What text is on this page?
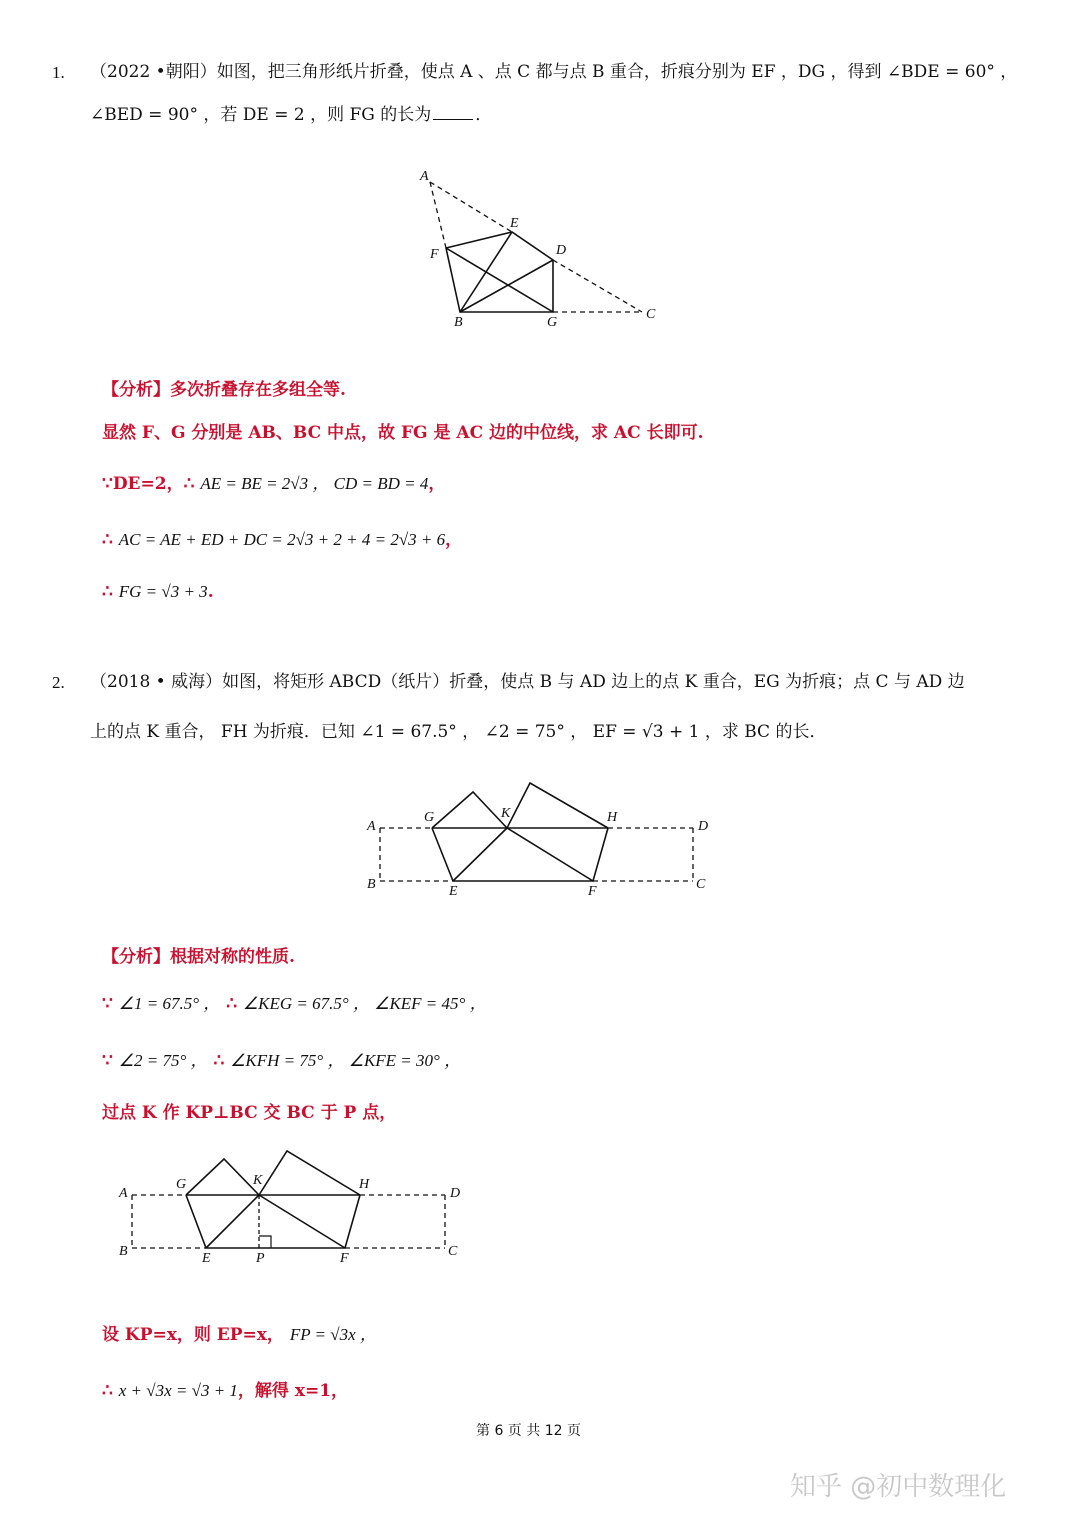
1. （2022 •朝阳）如图，把三角形纸片折叠，使点 A 、点 C 都与点 B 重合，折痕分别为 EF ，DG ，得到 ∠BDE = 60° ，
∠BED = 90° ，若 DE = 2 ，则 FG 的长为	．
A
E
F	D
B	G
C
【分析】多次折叠存在多组全等.
显然 F、G 分别是 AB、BC 中点，故 FG 是 AC 边的中位线，求 AC 长即可.
∵DE=2，∴ AE = BE = 2√3 ， CD = BD = 4，
∴ AC = AE + ED + DC = 2√3 + 2 + 4 = 2√3 + 6，
∴ FG = √3 + 3.
2. （2018 • 威海）如图，将矩形 ABCD（纸片）折叠，使点 B 与 AD 边上的点 K 重合，EG 为折痕；点 C 与 AD 边
上的点 K 重合， FH 为折痕．已知 ∠1 = 67.5° ， ∠2 = 75° ， EF = √3 + 1 ，求 BC 的长．
A
G	K	H
D
B	E	F	C
【分析】根据对称的性质.
∵ ∠1 = 67.5° ， ∴ ∠KEG = 67.5° ， ∠KEF = 45° ，
∵ ∠2 = 75° ， ∴ ∠KFH = 75° ， ∠KFE = 30° ，
过点 K 作 KP⊥BC 交 BC 于 P 点，
A
G	K	H
D
B	E	P	F	C
设 KP=x，则 EP=x， FP = √3x ，
∴ x + √3x = √3 + 1，解得 x=1，
第 6 页 共 12 页
知乎 @初中数理化
